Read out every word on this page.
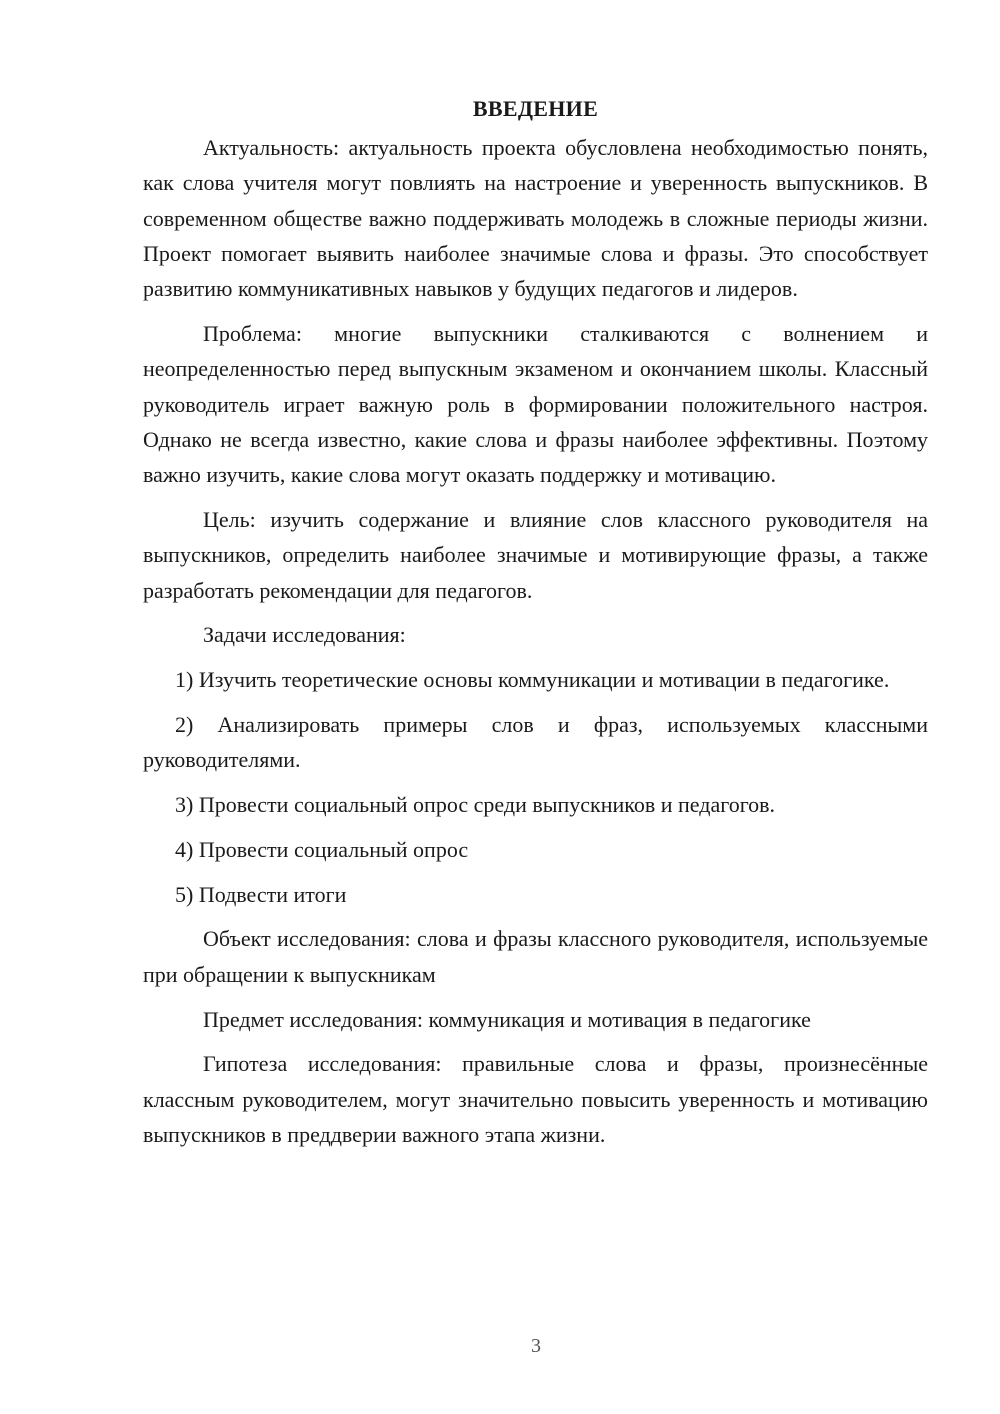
ВВЕДЕНИЕ

Актуальность: актуальность проекта обусловлена необходимостью понять, как слова учителя могут повлиять на настроение и уверенность выпускников. В современном обществе важно поддерживать молодежь в сложные периоды жизни. Проект помогает выявить наиболее значимые слова и фразы. Это способствует развитию коммуникативных навыков у будущих педагогов и лидеров.

Проблема: многие выпускники сталкиваются с волнением и неопределенностью перед выпускным экзаменом и окончанием школы. Классный руководитель играет важную роль в формировании положительного настроя. Однако не всегда известно, какие слова и фразы наиболее эффективны. Поэтому важно изучить, какие слова могут оказать поддержку и мотивацию.

Цель: изучить содержание и влияние слов классного руководителя на выпускников, определить наиболее значимые и мотивирующие фразы, а также разработать рекомендации для педагогов.

Задачи исследования:

1) Изучить теоретические основы коммуникации и мотивации в педагогике.

2) Анализировать примеры слов и фраз, используемых классными руководителями.

3) Провести социальный опрос среди выпускников и педагогов.

4) Провести социальный опрос

5) Подвести итоги

Объект исследования: слова и фразы классного руководителя, используемые при обращении к выпускникам

Предмет исследования: коммуникация и мотивация в педагогике

Гипотеза исследования: правильные слова и фразы, произнесённые классным руководителем, могут значительно повысить уверенность и мотивацию выпускников в преддверии важного этапа жизни.

3
